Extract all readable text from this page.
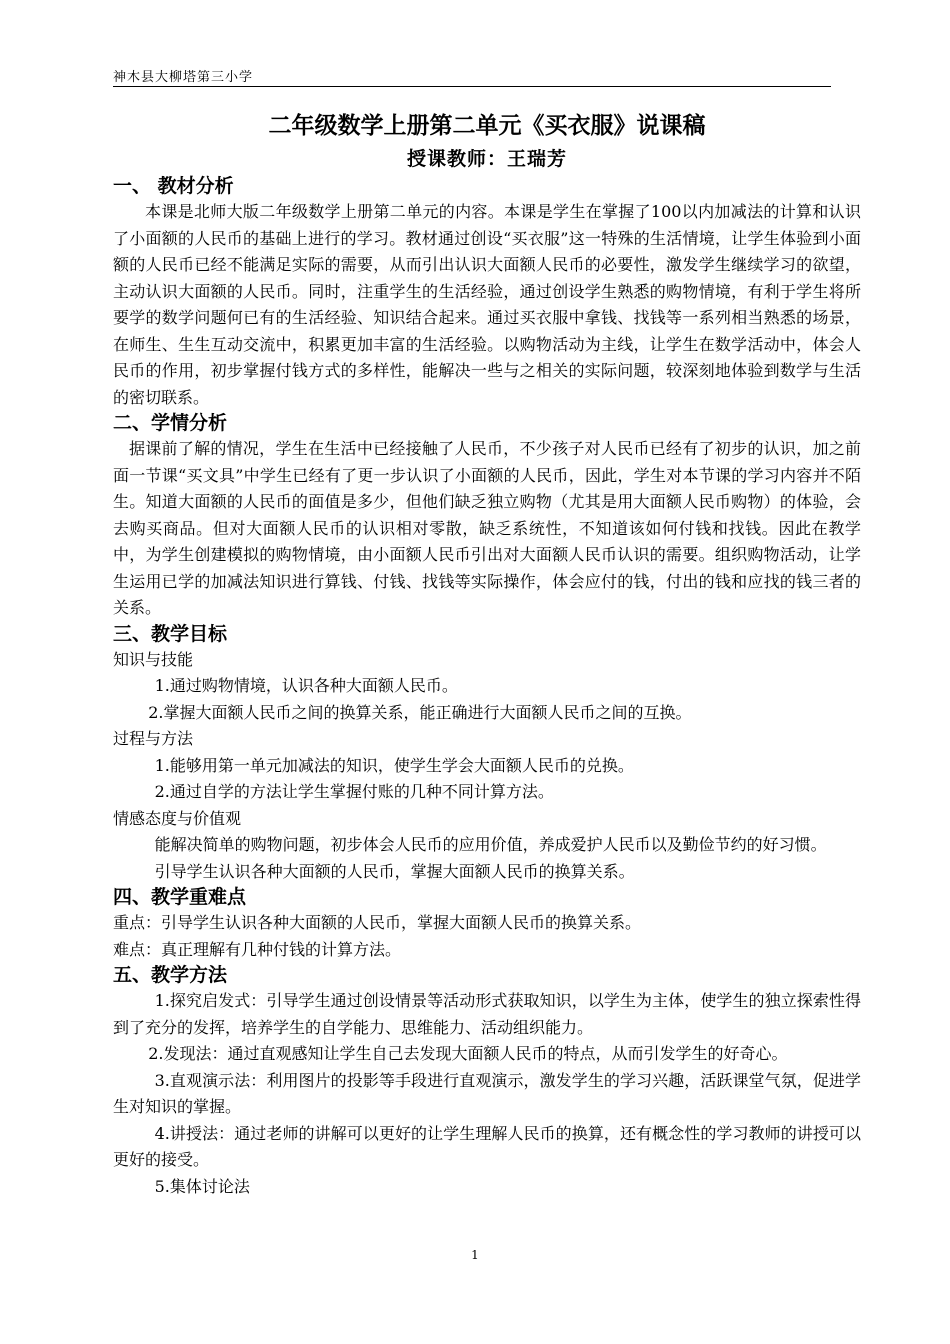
神木县大柳塔第三小学
二年级数学上册第二单元《买衣服》说课稿
授课教师：王瑞芳
一、 教材分析

本课是北师大版二年级数学上册第二单元的内容。本课是学生在掌握了100以内加减法的计算和认识了小面额的人民币的基础上进行的学习。教材通过创设“买衣服”这一特殊的生活情境，让学生体验到小面额的人民币已经不能满足实际的需要，从而引出认识大面额人民币的必要性，激发学生继续学习的欲望，主动认识大面额的人民币。同时，注重学生的生活经验，通过创设学生熟悉的购物情境，有利于学生将所要学的数学问题何已有的生活经验、知识结合起来。通过买衣服中拿钱、找钱等一系列相当熟悉的场景，在师生、生生互动交流中，积累更加丰富的生活经验。以购物活动为主线，让学生在数学活动中，体会人民币的作用，初步掌握付钱方式的多样性，能解决一些与之相关的实际问题，较深刻地体验到数学与生活的密切联系。

二、学情分析

据课前了解的情况，学生在生活中已经接触了人民币，不少孩子对人民币已经有了初步的认识，加之前面一节课“买文具”中学生已经有了更一步认识了小面额的人民币，因此，学生对本节课的学习内容并不陌生。知道大面额的人民币的面值是多少，但他们缺乏独立购物（尤其是用大面额人民币购物）的体验，会去购买商品。但对大面额人民币的认识相对零散，缺乏系统性，不知道该如何付钱和找钱。因此在教学中，为学生创建模拟的购物情境，由小面额人民币引出对大面额人民币认识的需要。组织购物活动，让学生运用已学的加减法知识进行算钱、付钱、找钱等实际操作，体会应付的钱，付出的钱和应找的钱三者的关系。

三、教学目标

知识与技能

1.通过购物情境，认识各种大面额人民币。

2.掌握大面额人民币之间的换算关系，能正确进行大面额人民币之间的互换。

过程与方法

1.能够用第一单元加减法的知识，使学生学会大面额人民币的兑换。

2.通过自学的方法让学生掌握付账的几种不同计算方法。

情感态度与价值观

能解决简单的购物问题，初步体会人民币的应用价值，养成爱护人民币以及勤俭节约的好习惯。

引导学生认识各种大面额的人民币，掌握大面额人民币的换算关系。

四、教学重难点

重点：引导学生认识各种大面额的人民币，掌握大面额人民币的换算关系。

难点：真正理解有几种付钱的计算方法。

五、教学方法

1.探究启发式：引导学生通过创设情景等活动形式获取知识，以学生为主体，使学生的独立探索性得到了充分的发挥，培养学生的自学能力、思维能力、活动组织能力。

2.发现法：通过直观感知让学生自己去发现大面额人民币的特点，从而引发学生的好奇心。

3.直观演示法：利用图片的投影等手段进行直观演示，激发学生的学习兴趣，活跃课堂气氛，促进学生对知识的掌握。

4.讲授法：通过老师的讲解可以更好的让学生理解人民币的换算，还有概念性的学习教师的讲授可以更好的接受。

5.集体讨论法

1
